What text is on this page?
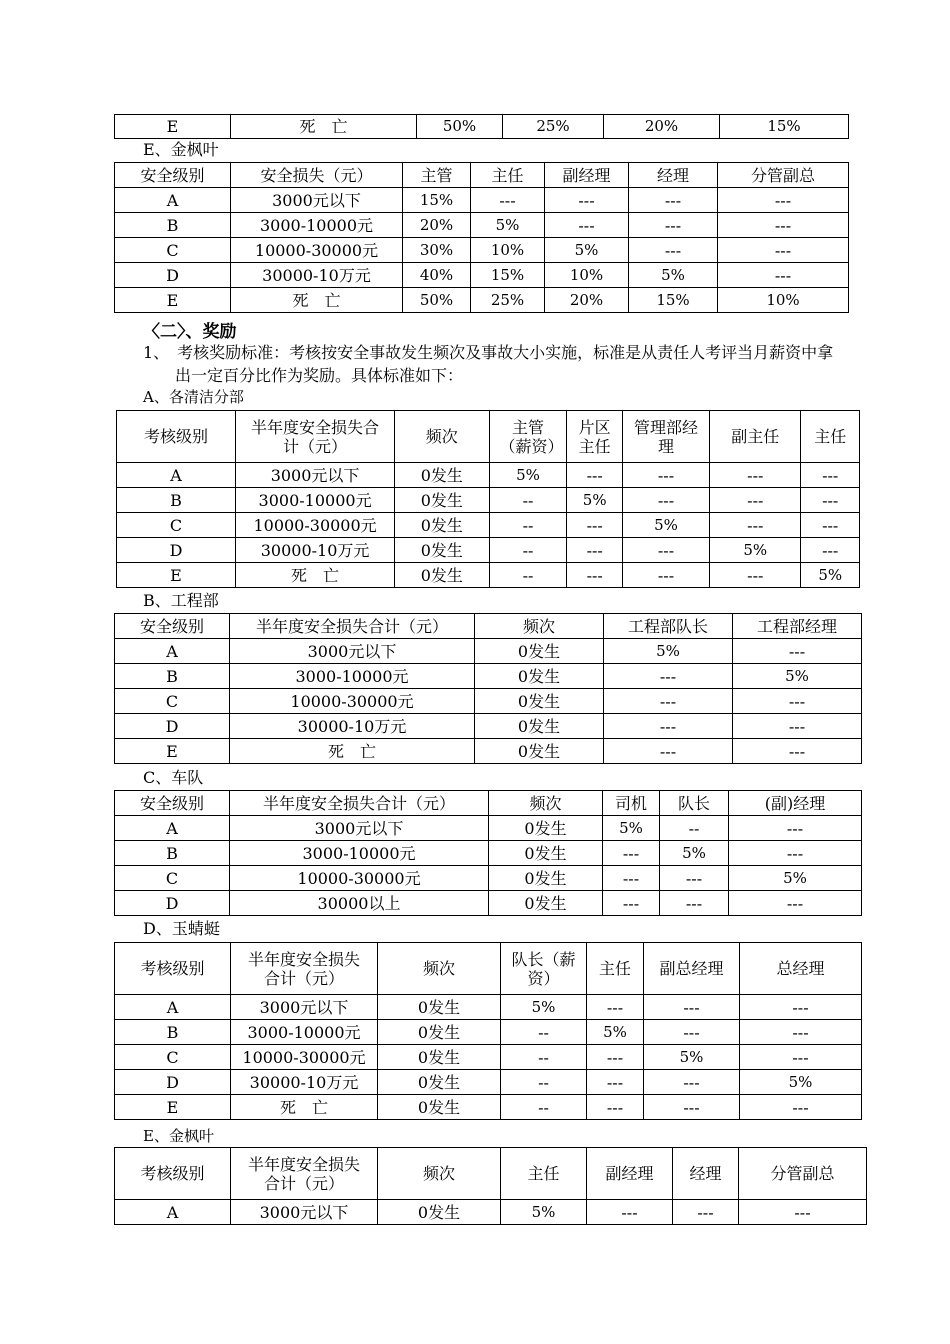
E	死　亡	50%	25%	20%	15%
E、金枫叶
安全级别	安全损失（元）	主管	主任	副经理	经理	分管副总
A	3000元以下	15%	---	---	---	---
B	3000-10000元	20%	5%	---	---	---
C	10000-30000元	30%	10%	5%	---	---
D	30000-10万元	40%	15%	10%	5%	---
E	死　亡	50%	25%	20%	15%	10%
〈二〉、奖励
1、　考核奖励标准：考核按安全事故发生频次及事故大小实施，标准是从责任人考评当月薪资中拿出一定百分比作为奖励。具体标准如下：
A、各清洁分部
考核级别	半年度安全损失合计（元）	频次	主管（薪资）	片区主任	管理部经理	副主任	主任
A	3000元以下	0发生	5%	---	---	---	---
B	3000-10000元	0发生	--	5%	---	---	---
C	10000-30000元	0发生	--	---	5%	---	---
D	30000-10万元	0发生	--	---	---	5%	---
E	死　亡	0发生	--	---	---	---	5%
B、工程部
安全级别	半年度安全损失合计（元）	频次	工程部队长	工程部经理
A	3000元以下	0发生	5%	---
B	3000-10000元	0发生	---	5%
C	10000-30000元	0发生	---	---
D	30000-10万元	0发生	---	---
E	死　亡	0发生	---	---
C、车队
安全级别	半年度安全损失合计（元）	频次	司机	队长	(副)经理
A	3000元以下	0发生	5%	--	---
B	3000-10000元	0发生	---	5%	---
C	10000-30000元	0发生	---	---	5%
D	30000以上	0发生	---	---	---
D、玉蜻蜓
考核级别	半年度安全损失合计（元）	频次	队长（薪资）	主任	副总经理	总经理
A	3000元以下	0发生	5%	---	---	---
B	3000-10000元	0发生	--	5%	---	---
C	10000-30000元	0发生	--	---	5%	---
D	30000-10万元	0发生	--	---	---	5%
E	死　亡	0发生	--	---	---	---
E、金枫叶
考核级别	半年度安全损失合计（元）	频次	主任	副经理	经理	分管副总
A	3000元以下	0发生	5%	---	---	---
